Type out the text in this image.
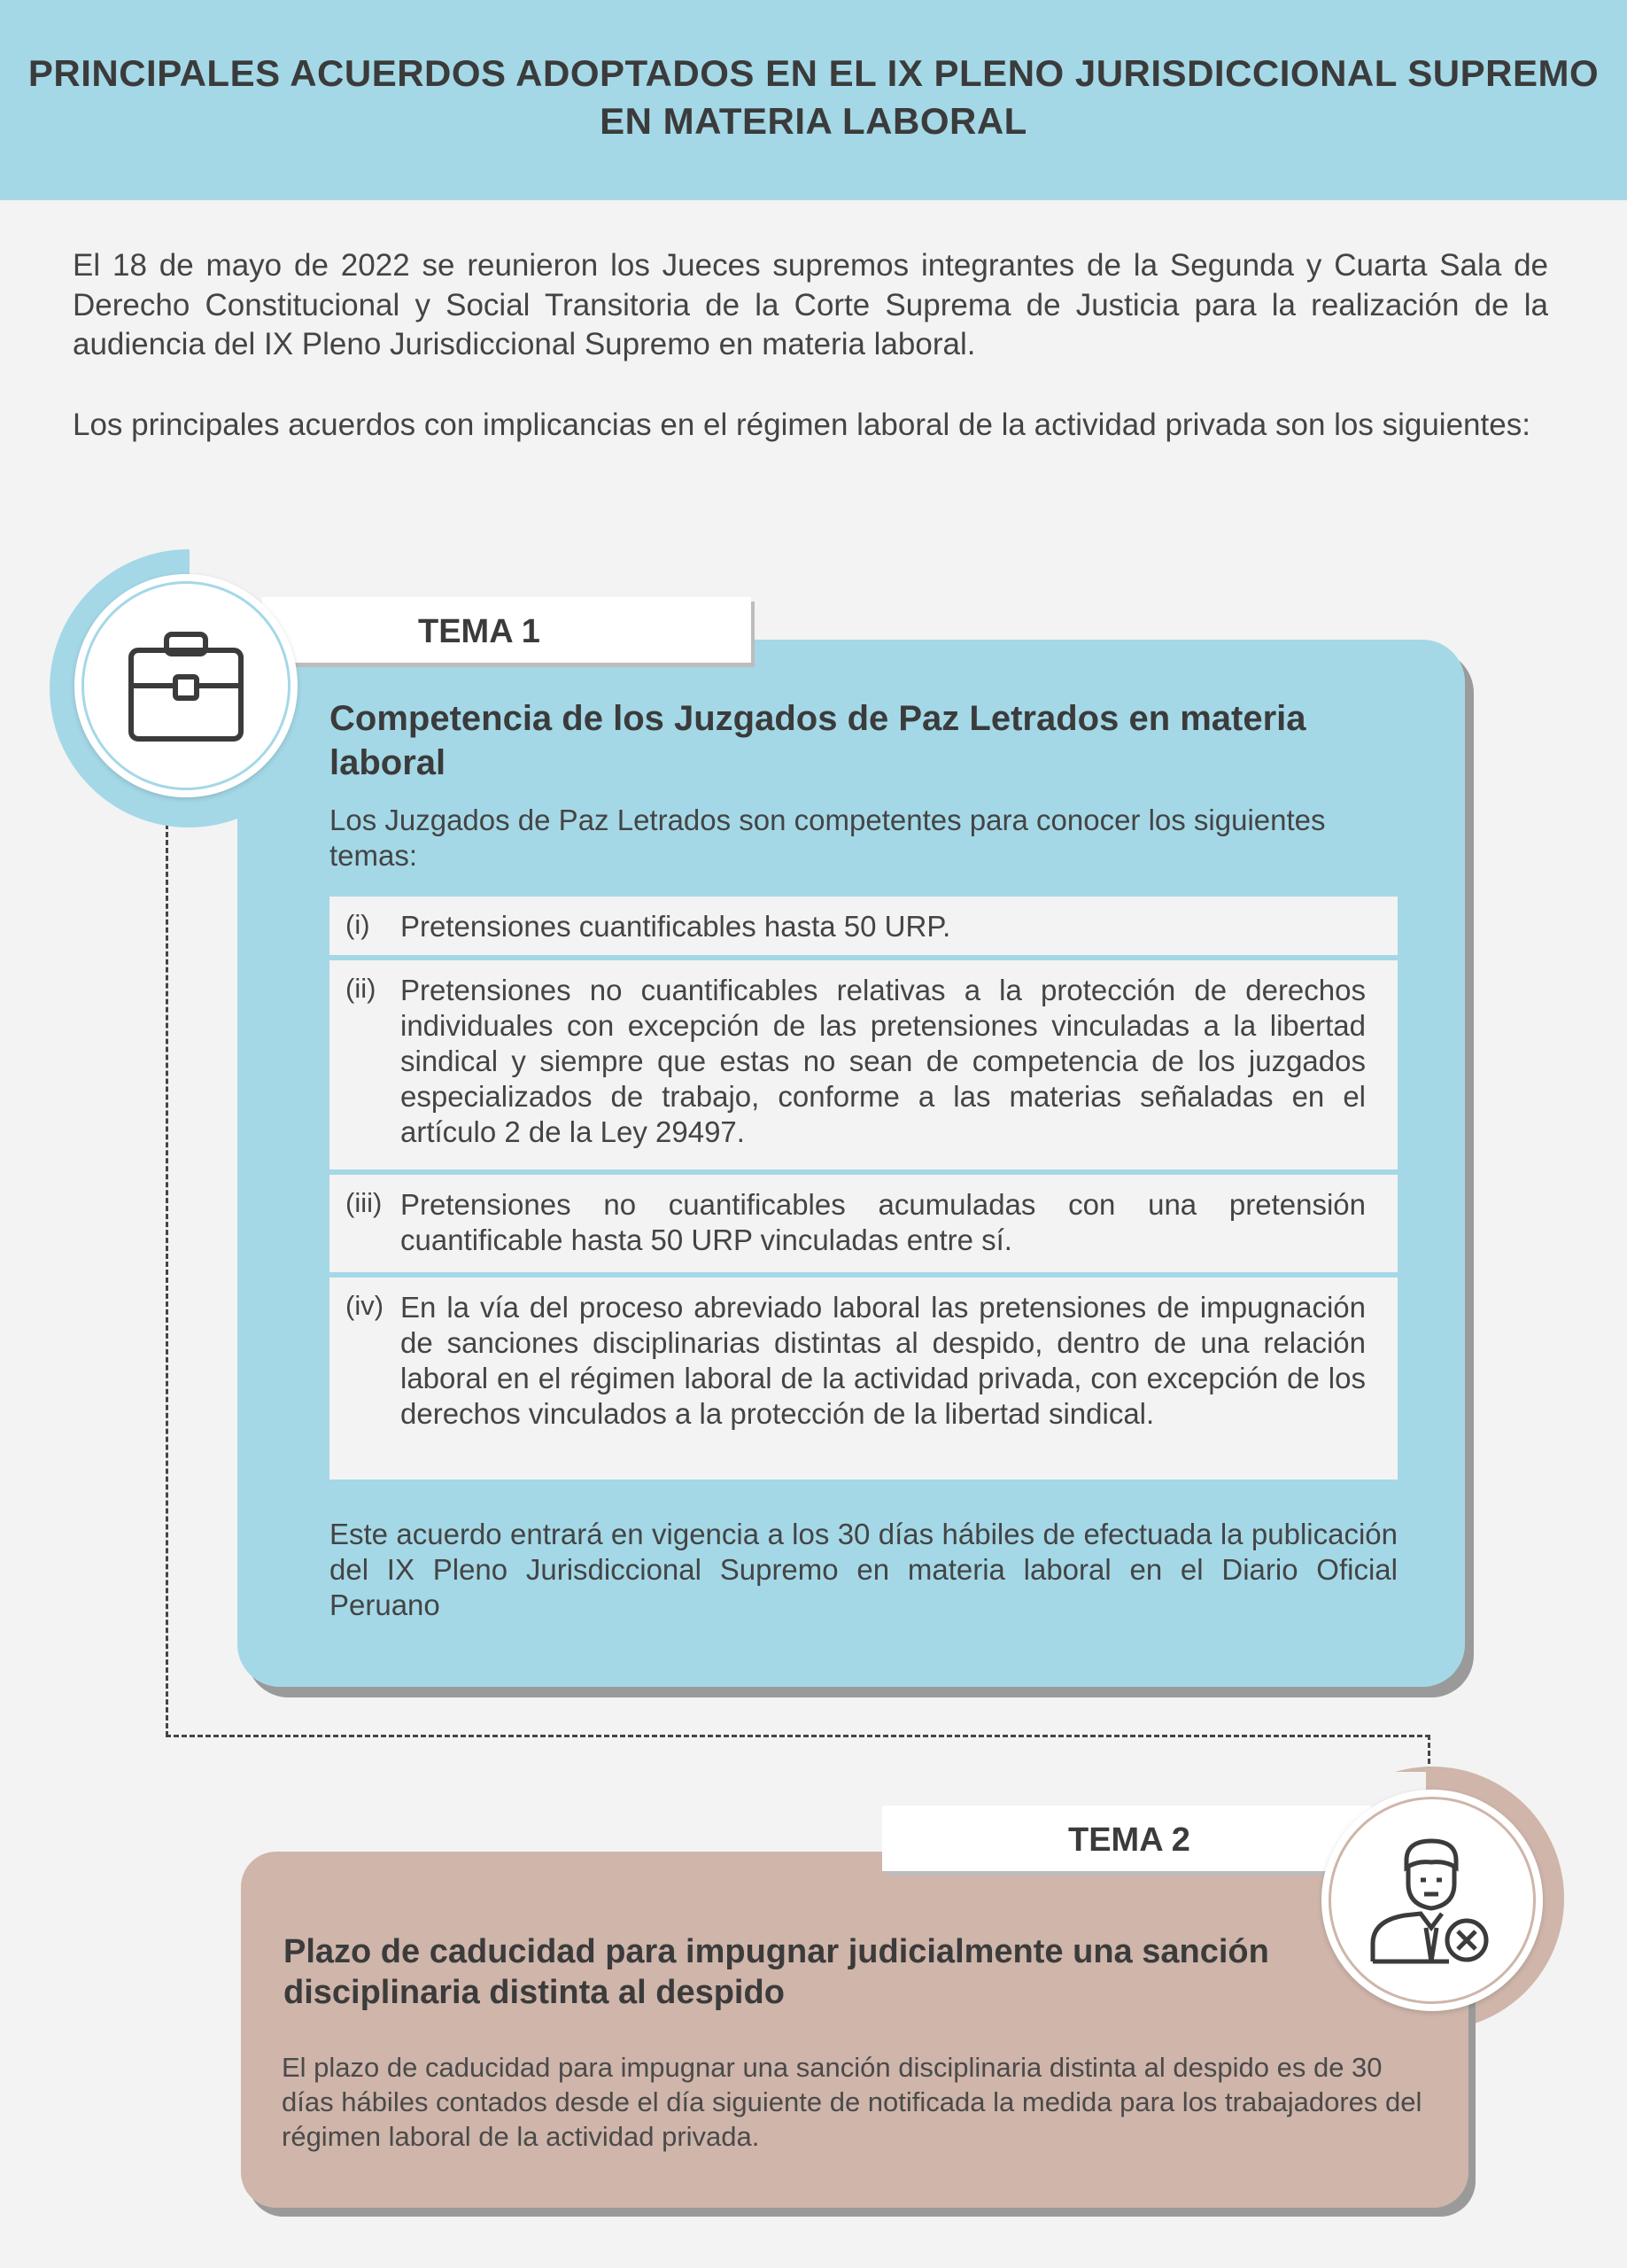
PRINCIPALES ACUERDOS ADOPTADOS EN EL IX PLENO JURISDICCIONAL SUPREMO EN MATERIA LABORAL
El 18 de mayo de 2022 se reunieron los Jueces supremos integrantes de la Segunda y Cuarta Sala de Derecho Constitucional y Social Transitoria de la Corte Suprema de Justicia para la realización de la audiencia del IX Pleno Jurisdiccional Supremo en materia laboral.
Los principales acuerdos con implicancias en el régimen laboral de la actividad privada son los siguientes:
TEMA 1
Competencia de los Juzgados de Paz Letrados en materia laboral
Los Juzgados de Paz Letrados son competentes para conocer los siguientes temas:
(i) Pretensiones cuantificables hasta 50 URP.
(ii) Pretensiones no cuantificables relativas a la protección de derechos individuales con excepción de las pretensiones vinculadas a la libertad sindical y siempre que estas no sean de competencia de los juzgados especializados de trabajo, conforme a las materias señaladas en el artículo 2 de la Ley 29497.
(iii) Pretensiones no cuantificables acumuladas con una pretensión cuantificable hasta 50 URP vinculadas entre sí.
(iv) En la vía del proceso abreviado laboral las pretensiones de impugnación de sanciones disciplinarias distintas al despido, dentro de una relación laboral en el régimen laboral de la actividad privada, con excepción de los derechos vinculados a la protección de la libertad sindical.
Este acuerdo entrará en vigencia a los 30 días hábiles de efectuada la publicación del IX Pleno Jurisdiccional Supremo en materia laboral en el Diario Oficial Peruano
TEMA 2
Plazo de caducidad para impugnar judicialmente una sanción disciplinaria distinta al despido
El plazo de caducidad para impugnar una sanción disciplinaria distinta al despido es de 30 días hábiles contados desde el día siguiente de notificada la medida para los trabajadores del régimen laboral de la actividad privada.
